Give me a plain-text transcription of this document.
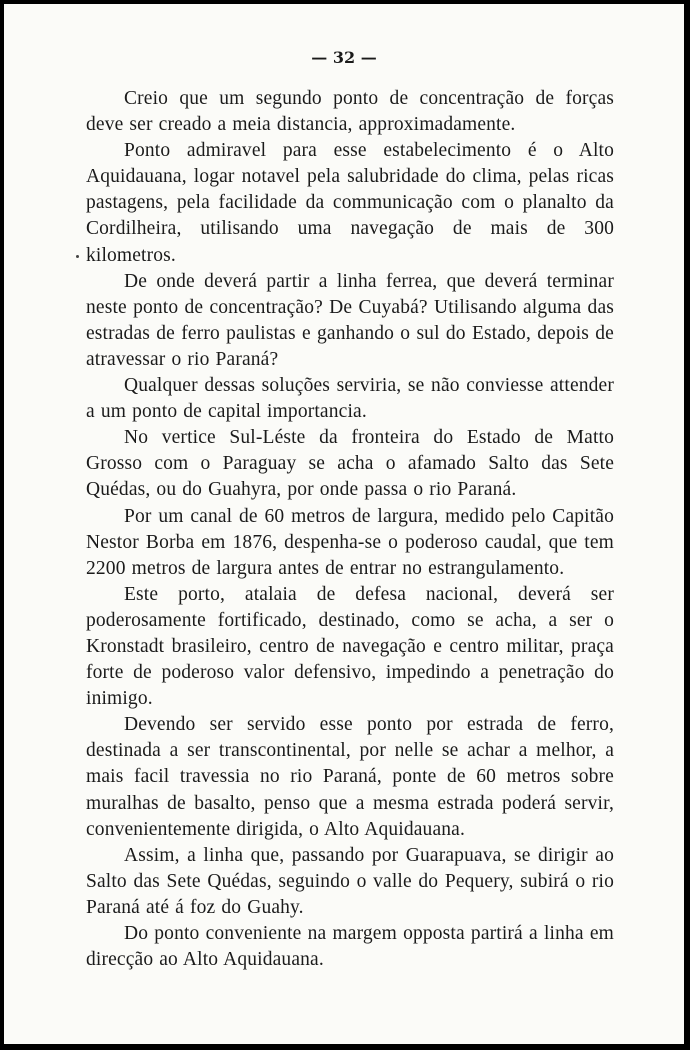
— 32 —

Creio que um segundo ponto de concentração de forças deve ser creado a meia distancia, approximadamente.

Ponto admiravel para esse estabelecimento é o Alto Aquidauana, logar notavel pela salubridade do clima, pelas ricas pastagens, pela facilidade da communicação com o planalto da Cordilheira, utilisando uma navegação de mais de 300 kilometros.

De onde deverá partir a linha ferrea, que deverá terminar neste ponto de concentração? De Cuyabá? Utilisando alguma das estradas de ferro paulistas e ganhando o sul do Estado, depois de atravessar o rio Paraná?

Qualquer dessas soluções serviria, se não conviesse attender a um ponto de capital importancia.

No vertice Sul-Léste da fronteira do Estado de Matto Grosso com o Paraguay se acha o afamado Salto das Sete Quédas, ou do Guahyra, por onde passa o rio Paraná.

Por um canal de 60 metros de largura, medido pelo Capitão Nestor Borba em 1876, despenha-se o poderoso caudal, que tem 2200 metros de largura antes de entrar no estrangulamento.

Este porto, atalaia de defesa nacional, deverá ser poderosamente fortificado, destinado, como se acha, a ser o Kronstadt brasileiro, centro de navegação e centro militar, praça forte de poderoso valor defensivo, impedindo a penetração do inimigo.

Devendo ser servido esse ponto por estrada de ferro, destinada a ser transcontinental, por nelle se achar a melhor, a mais facil travessia no rio Paraná, ponte de 60 metros sobre muralhas de basalto, penso que a mesma estrada poderá servir, convenientemente dirigida, o Alto Aquidauana.

Assim, a linha que, passando por Guarapuava, se dirigir ao Salto das Sete Quédas, seguindo o valle do Pequery, subirá o rio Paraná até á foz do Guahy.

Do ponto conveniente na margem opposta partirá a linha em direcção ao Alto Aquidauana.
